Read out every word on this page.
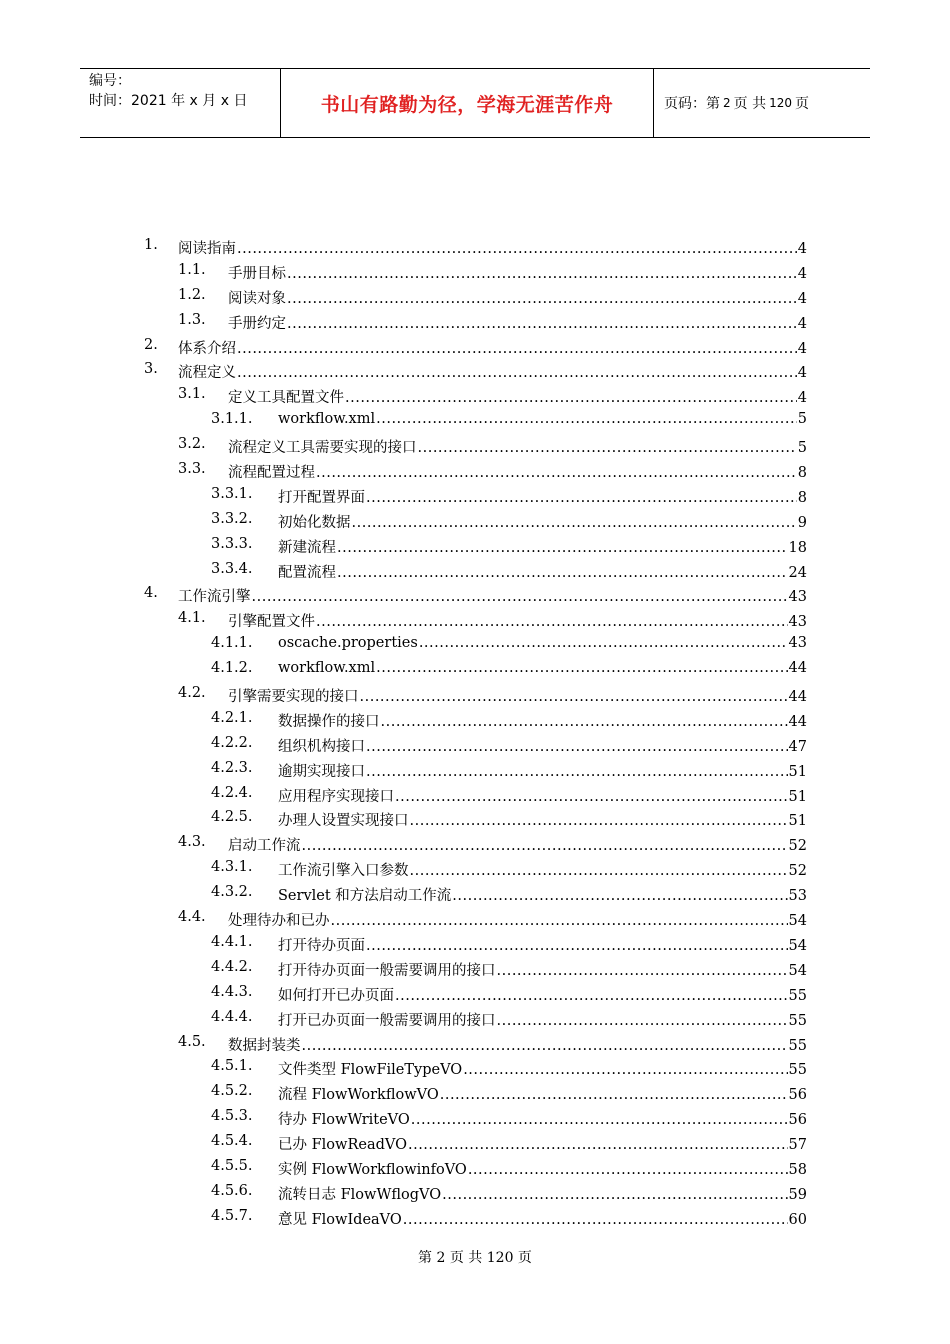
编号：
时间：2021 年 x 月 x 日	书山有路勤为径，学海无涯苦作舟	页码：第 2 页 共 120 页
1. 阅读指南 .....	4
1.1. 手册目标 .....	4
1.2. 阅读对象 .....	4
1.3. 手册约定 .....	4
2. 体系介绍 .....	4
3. 流程定义 .....	4
3.1. 定义工具配置文件 .....	4
3.1.1. workflow.xml .....	5
3.2. 流程定义工具需要实现的接口 .....	5
3.3. 流程配置过程 .....	8
3.3.1. 打开配置界面 .....	8
3.3.2. 初始化数据 .....	9
3.3.3. 新建流程 .....	18
3.3.4. 配置流程 .....	24
4. 工作流引擎 .....	43
4.1. 引擎配置文件 .....	43
4.1.1. oscache.properties .....	43
4.1.2. workflow.xml .....	44
4.2. 引擎需要实现的接口 .....	44
4.2.1. 数据操作的接口 .....	44
4.2.2. 组织机构接口 .....	47
4.2.3. 逾期实现接口 .....	51
4.2.4. 应用程序实现接口 .....	51
4.2.5. 办理人设置实现接口 .....	51
4.3. 启动工作流 .....	52
4.3.1. 工作流引擎入口参数 .....	52
4.3.2. Servlet 和方法启动工作流 .....	53
4.4. 处理待办和已办 .....	54
4.4.1. 打开待办页面 .....	54
4.4.2. 打开待办页面一般需要调用的接口 .....	54
4.4.3. 如何打开已办页面 .....	55
4.4.4. 打开已办页面一般需要调用的接口 .....	55
4.5. 数据封装类 .....	55
4.5.1. 文件类型 FlowFileTypeVO .....	55
4.5.2. 流程 FlowWorkflowVO .....	56
4.5.3. 待办 FlowWriteVO .....	56
4.5.4. 已办 FlowReadVO .....	57
4.5.5. 实例 FlowWorkflowinfoVO .....	58
4.5.6. 流转日志 FlowWflogVO .....	59
4.5.7. 意见 FlowIdeaVO .....	60
第 2 页 共 120 页
